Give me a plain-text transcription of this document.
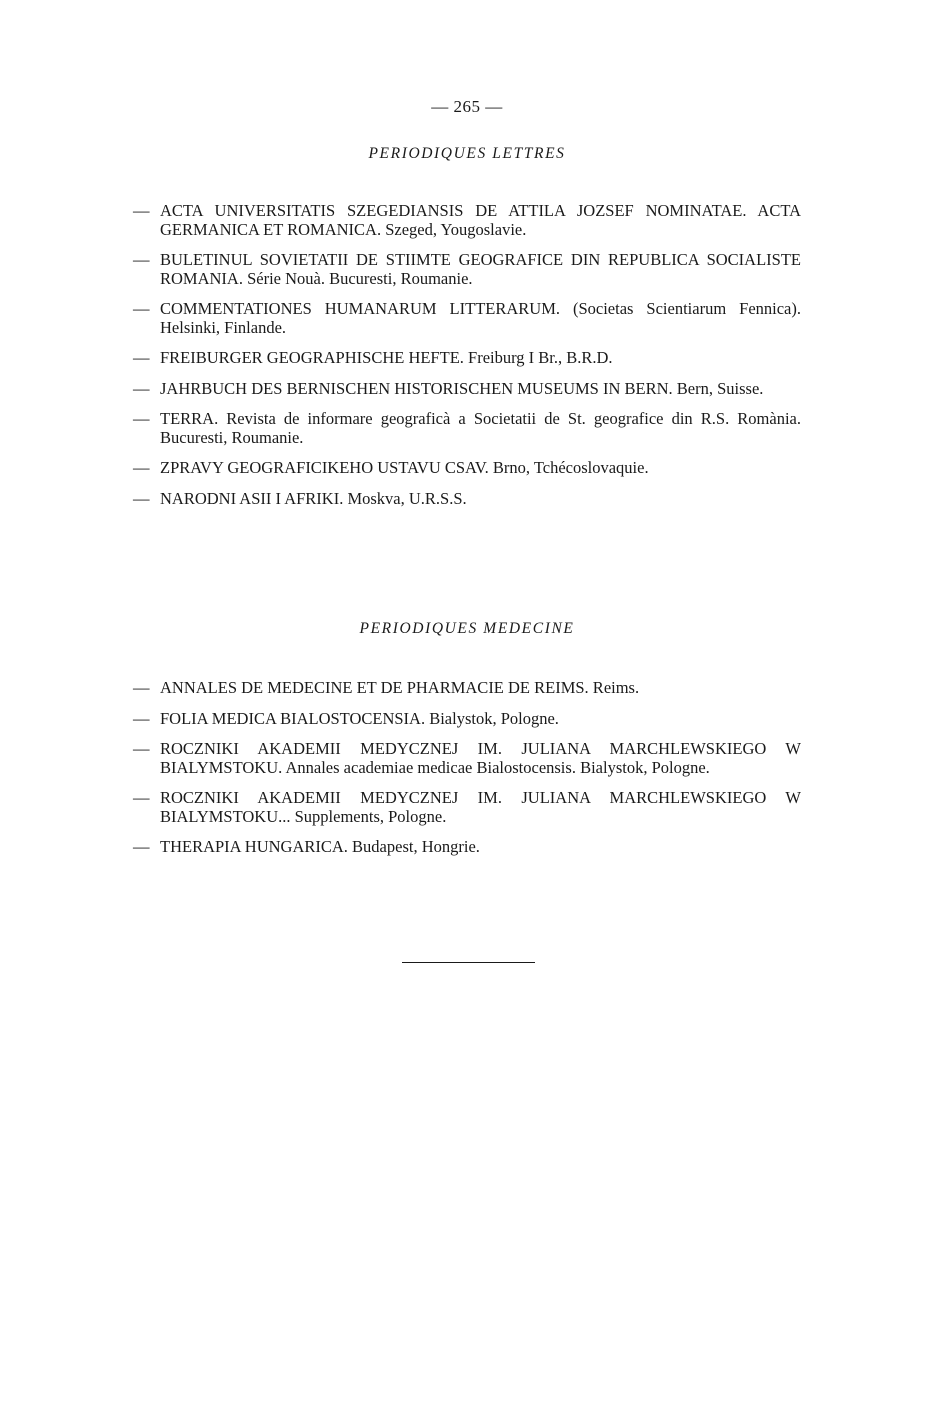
— 265 —
PERIODIQUES LETTRES
— ACTA UNIVERSITATIS SZEGEDIANSIS DE ATTILA JOZSEF NOMINATAE. ACTA GERMANICA ET ROMANICA. Szeged, Yougoslavie.
— BULETINUL SOVIETATII DE STIIMTE GEOGRAFICE DIN REPUBLICA SOCIALISTE ROMANIA. Série Nouà. Bucuresti, Roumanie.
— COMMENTATIONES HUMANARUM LITTERARUM. (Societas Scientiarum Fennica). Helsinki, Finlande.
— FREIBURGER GEOGRAPHISCHE HEFTE. Freiburg I Br., B.R.D.
— JAHRBUCH DES BERNISCHEN HISTORISCHEN MUSEUMS IN BERN. Bern, Suisse.
— TERRA. Revista de informare geograficà a Societatii de St. geografice din R.S. Romània. Bucuresti, Roumanie.
— ZPRAVY GEOGRAFICIKEHO USTAVU CSAV. Brno, Tchécoslovaquie.
— NARODNI ASII I AFRIKI. Moskva, U.R.S.S.
PERIODIQUES MEDECINE
— ANNALES DE MEDECINE ET DE PHARMACIE DE REIMS. Reims.
— FOLIA MEDICA BIALOSTOCENSIA. Bialystok, Pologne.
— ROCZNIKI AKADEMII MEDYCZNEJ IM. JULIANA MARCHLEWSKIEGO W BIALYMSTOKU. Annales academiae medicae Bialostocensis. Bialystok, Pologne.
— ROCZNIKI AKADEMII MEDYCZNEJ IM. JULIANA MARCHLEWSKIEGO W BIALYMSTOKU... Supplements, Pologne.
— THERAPIA HUNGARICA. Budapest, Hongrie.
